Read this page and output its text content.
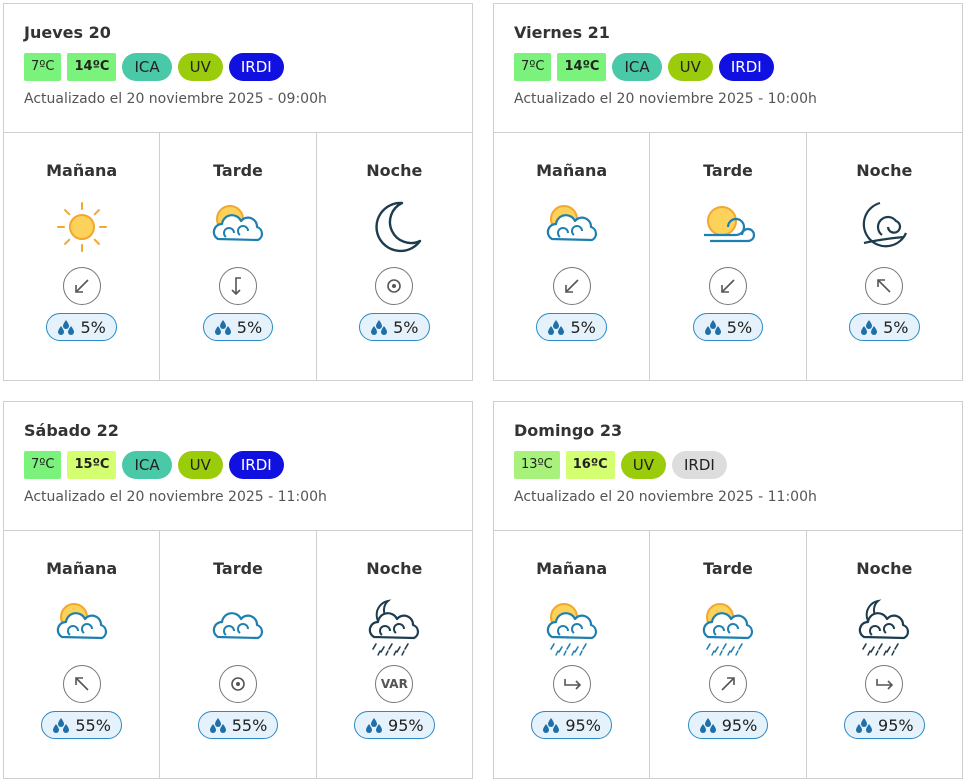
Jueves 20
7ºC	14ºC	ICA	UV	IRDI
Actualizado el 20 noviembre 2025 - 09:00h
Mañana
5%
Tarde
5%
Noche
5%
Viernes 21
7ºC	14ºC	ICA	UV	IRDI
Actualizado el 20 noviembre 2025 - 10:00h
Mañana
5%
Tarde
5%
Noche
5%
Sábado 22
7ºC	15ºC	ICA	UV	IRDI
Actualizado el 20 noviembre 2025 - 11:00h
Mañana
55%
Tarde
55%
Noche
VAR
95%
Domingo 23
13ºC	16ºC	UV	IRDI
Actualizado el 20 noviembre 2025 - 11:00h
Mañana
95%
Tarde
95%
Noche
95%
